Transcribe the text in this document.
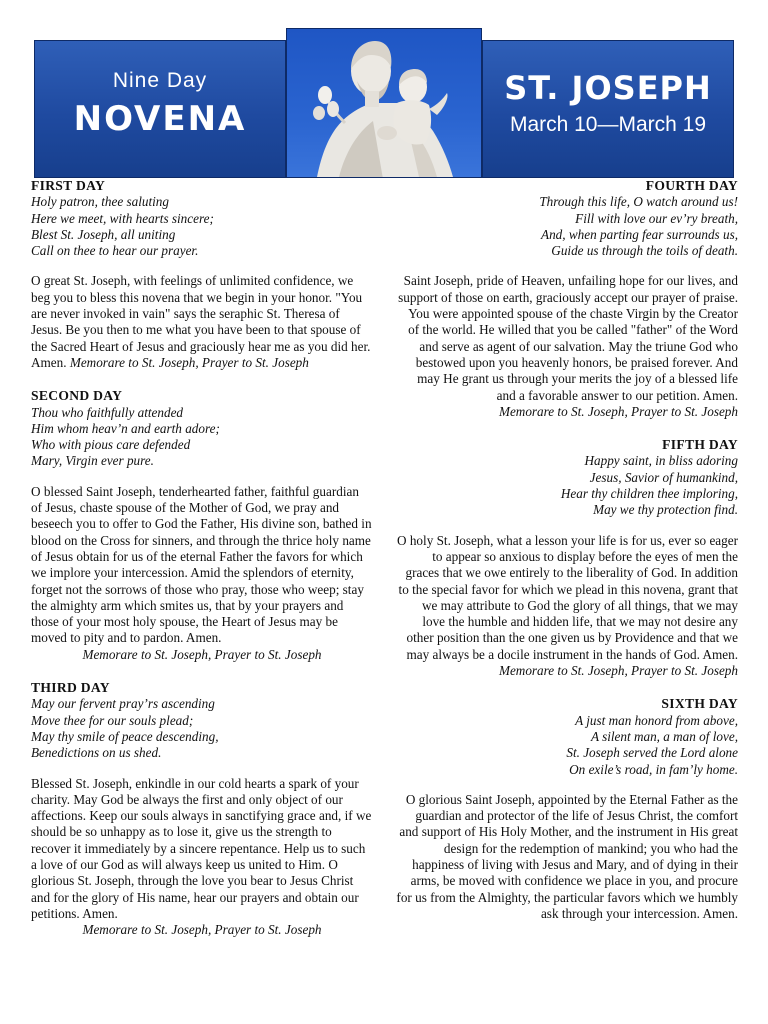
Nine Day
NOVENA
ST. JOSEPH
March 10—March 19
FIRST DAY
Holy patron, thee saluting
Here we meet, with hearts sincere;
Blest St. Joseph, all uniting
Call on thee to hear our prayer.
O great St. Joseph, with feelings of unlimited confidence, we beg you to bless this novena that we begin in your honor. "You are never invoked in vain" says the seraphic St. Theresa of Jesus. Be you then to me what you have been to that spouse of the Sacred Heart of Jesus and graciously hear me as you did her. Amen. Memorare to St. Joseph, Prayer to St. Joseph
SECOND DAY
Thou who faithfully attended
Him whom heav’n and earth adore;
Who with pious care defended
Mary, Virgin ever pure.
O blessed Saint Joseph, tenderhearted father, faithful guardian of Jesus, chaste spouse of the Mother of God, we pray and beseech you to offer to God the Father, His divine son, bathed in blood on the Cross for sinners, and through the thrice holy name of Jesus obtain for us of the eternal Father the favors for which we implore your intercession. Amid the splendors of eternity, forget not the sorrows of those who pray, those who weep; stay the almighty arm which smites us, that by your prayers and those of your most holy spouse, the Heart of Jesus may be moved to pity and to pardon. Amen.
Memorare to St. Joseph, Prayer to St. Joseph
THIRD DAY
May our fervent pray’rs ascending
Move thee for our souls plead;
May thy smile of peace descending,
Benedictions on us shed.
Blessed St. Joseph, enkindle in our cold hearts a spark of your charity. May God be always the first and only object of our affections. Keep our souls always in sanctifying grace and, if we should be so unhappy as to lose it, give us the strength to recover it immediately by a sincere repentance. Help us to such a love of our God as will always keep us united to Him. O glorious St. Joseph, through the love you bear to Jesus Christ and for the glory of His name, hear our prayers and obtain our petitions. Amen.
Memorare to St. Joseph, Prayer to St. Joseph
FOURTH DAY
Through this life, O watch around us!
Fill with love our ev’ry breath,
And, when parting fear surrounds us,
Guide us through the toils of death.
Saint Joseph, pride of Heaven, unfailing hope for our lives, and support of those on earth, graciously accept our prayer of praise. You were appointed spouse of the chaste Virgin by the Creator of the world. He willed that you be called "father" of the Word and serve as agent of our salvation. May the triune God who bestowed upon you heavenly honors, be praised forever. And may He grant us through your merits the joy of a blessed life and a favorable answer to our petition. Amen.
Memorare to St. Joseph, Prayer to St. Joseph
FIFTH DAY
Happy saint, in bliss adoring
Jesus, Savior of humankind,
Hear thy children thee imploring,
May we thy protection find.
O holy St. Joseph, what a lesson your life is for us, ever so eager to appear so anxious to display before the eyes of men the graces that we owe entirely to the liberality of God. In addition to the special favor for which we plead in this novena, grant that we may attribute to God the glory of all things, that we may love the humble and hidden life, that we may not desire any other position than the one given us by Providence and that we may always be a docile instrument in the hands of God. Amen.
Memorare to St. Joseph, Prayer to St. Joseph
SIXTH DAY
A just man honord from above,
A silent man, a man of love,
St. Joseph served the Lord alone
On exile’s road, in fam’ly home.
O glorious Saint Joseph, appointed by the Eternal Father as the guardian and protector of the life of Jesus Christ, the comfort and support of His Holy Mother, and the instrument in His great design for the redemption of mankind; you who had the happiness of living with Jesus and Mary, and of dying in their arms, be moved with confidence we place in you, and procure for us from the Almighty, the particular favors which we humbly ask through your intercession. Amen.
